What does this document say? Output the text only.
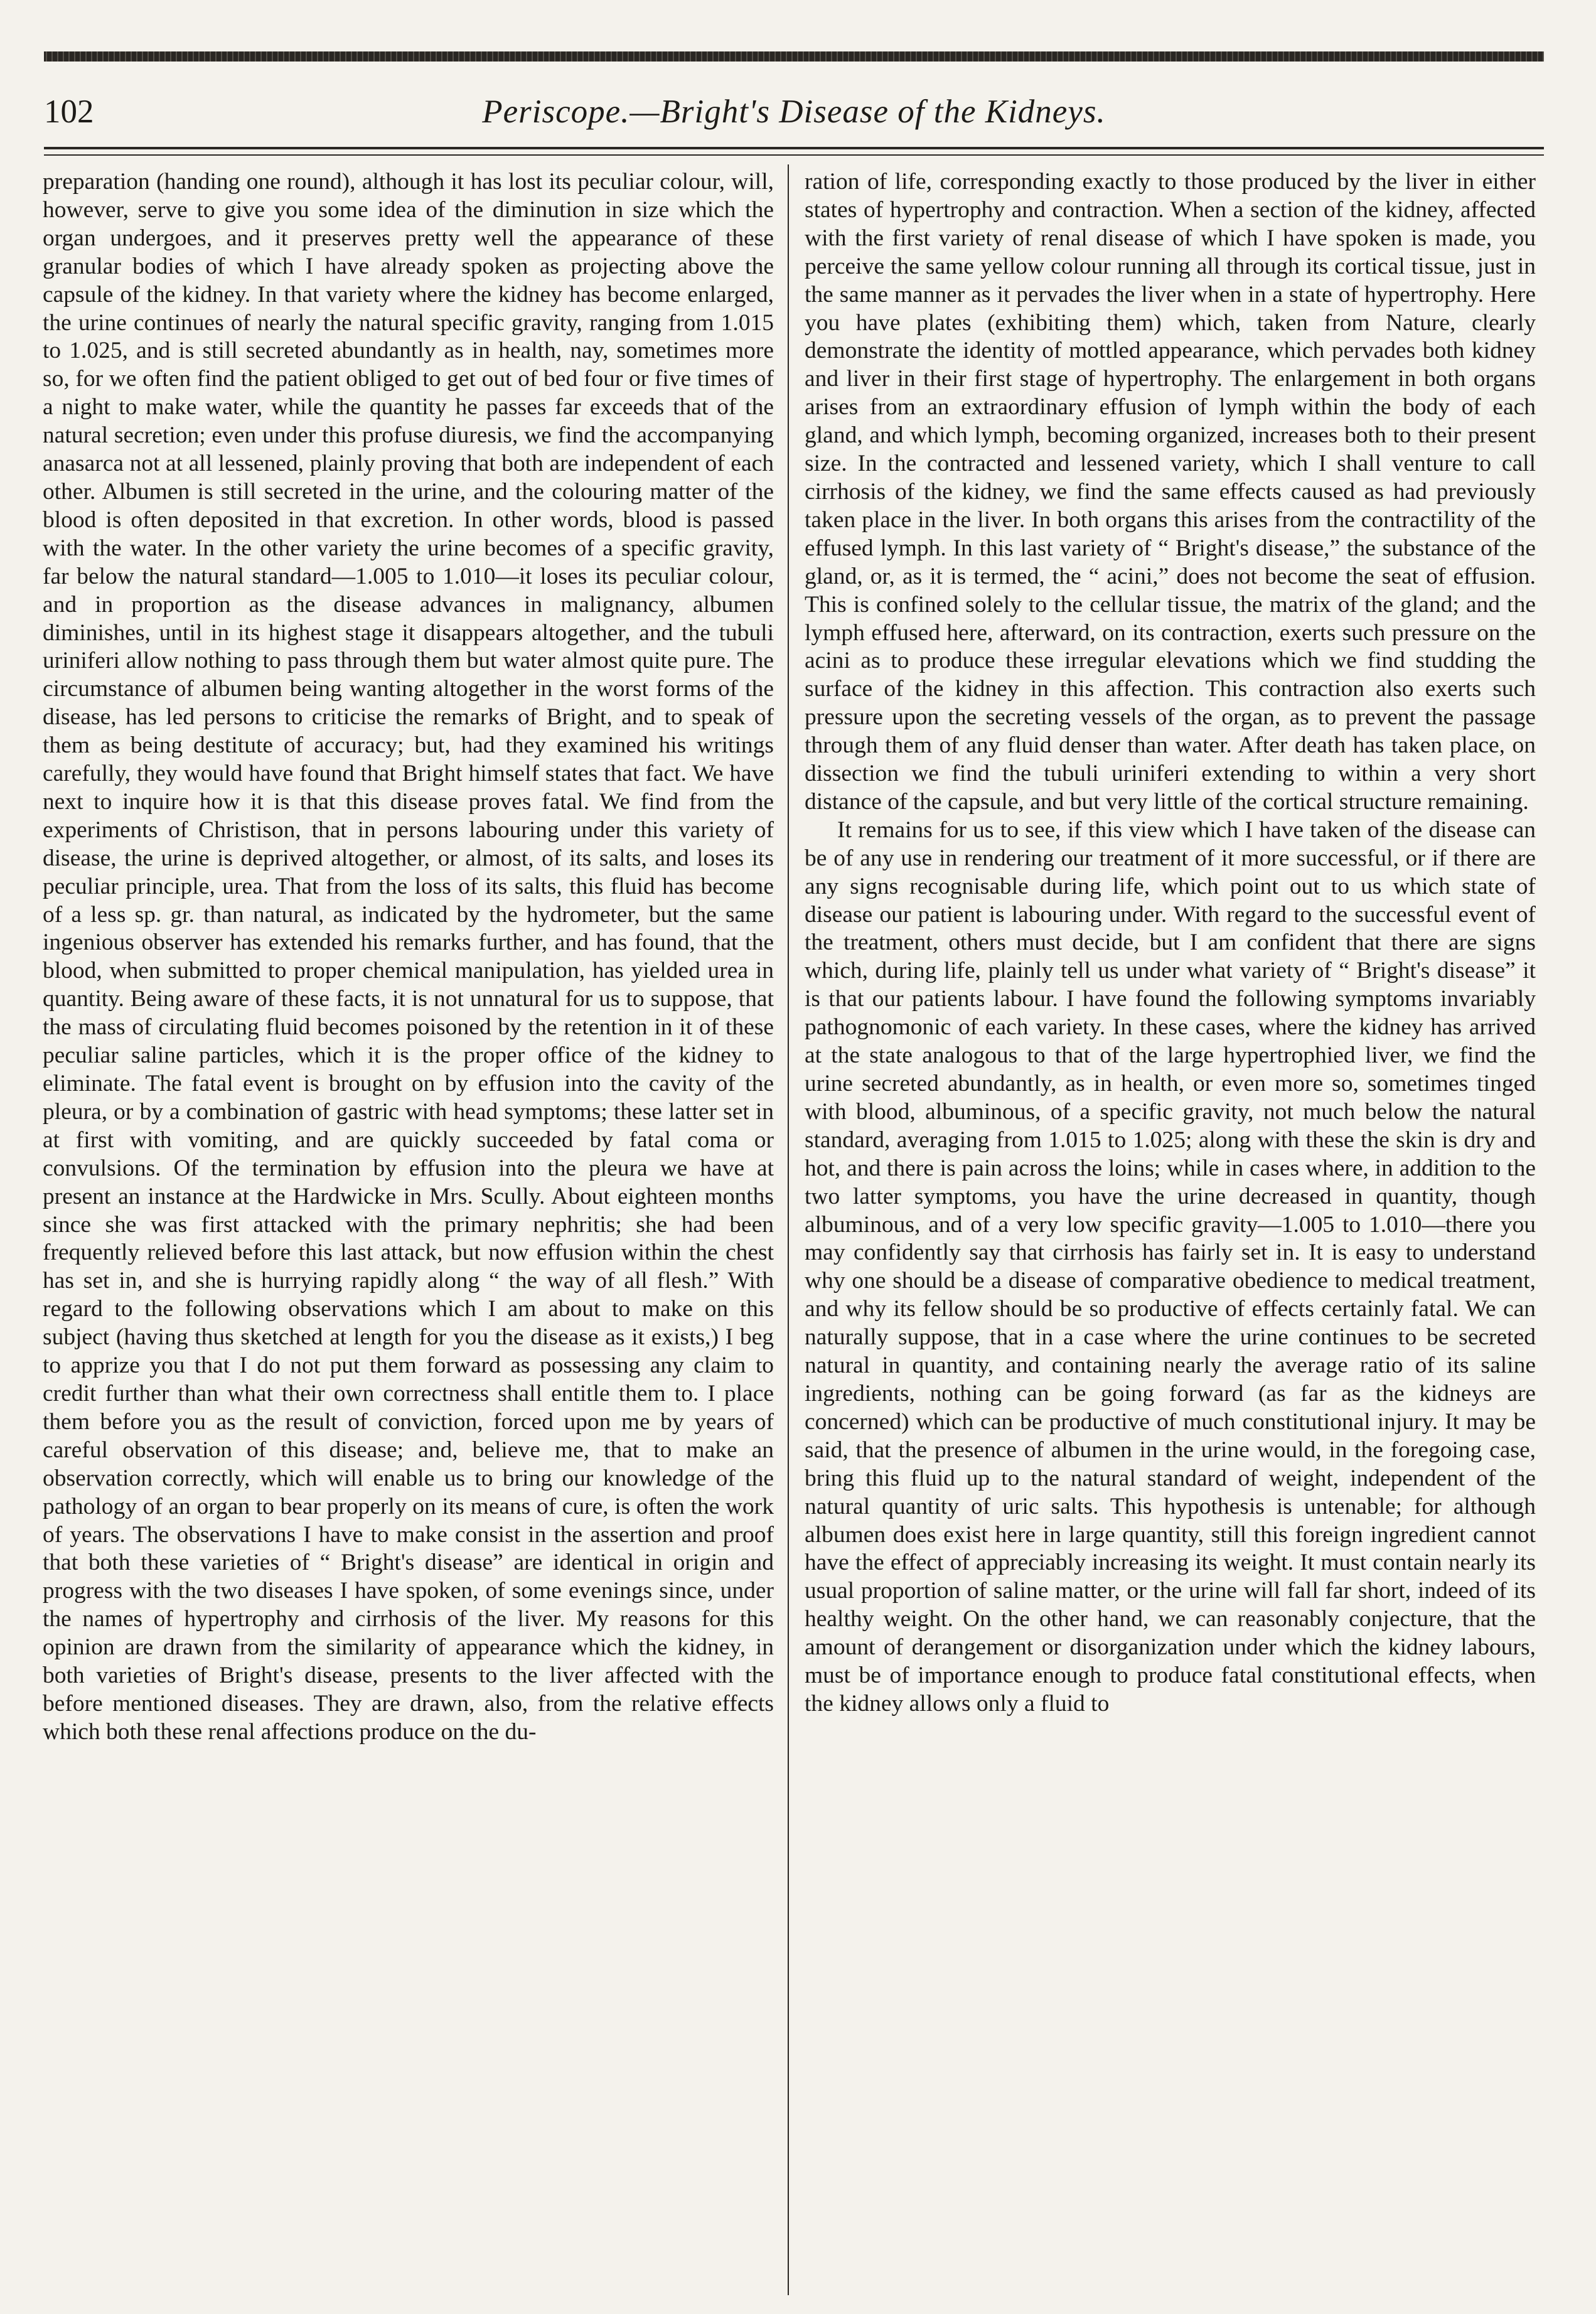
102	Periscope.—Bright's Disease of the Kidneys.

preparation (handing one round), although it has lost its peculiar colour, will, however, serve to give you some idea of the diminution in size which the organ undergoes, and it preserves pretty well the appearance of these granular bodies of which I have already spoken as projecting above the capsule of the kidney. In that variety where the kidney has become enlarged, the urine continues of nearly the natural specific gravity, ranging from 1.015 to 1.025, and is still secreted abundantly as in health, nay, sometimes more so, for we often find the patient obliged to get out of bed four or five times of a night to make water, while the quantity he passes far exceeds that of the natural secretion; even under this profuse diuresis, we find the accompanying anasarca not at all lessened, plainly proving that both are independent of each other. Albumen is still secreted in the urine, and the colouring matter of the blood is often deposited in that excretion. In other words, blood is passed with the water. In the other variety the urine becomes of a specific gravity, far below the natural standard—1.005 to 1.010—it loses its peculiar colour, and in proportion as the disease advances in malignancy, albumen diminishes, until in its highest stage it disappears altogether, and the tubuli uriniferi allow nothing to pass through them but water almost quite pure. The circumstance of albumen being wanting altogether in the worst forms of the disease, has led persons to criticise the remarks of Bright, and to speak of them as being destitute of accuracy; but, had they examined his writings carefully, they would have found that Bright himself states that fact. We have next to inquire how it is that this disease proves fatal. We find from the experiments of Christison, that in persons labouring under this variety of disease, the urine is deprived altogether, or almost, of its salts, and loses its peculiar principle, urea. That from the loss of its salts, this fluid has become of a less sp. gr. than natural, as indicated by the hydrometer, but the same ingenious observer has extended his remarks further, and has found, that the blood, when submitted to proper chemical manipulation, has yielded urea in quantity. Being aware of these facts, it is not unnatural for us to suppose, that the mass of circulating fluid becomes poisoned by the retention in it of these peculiar saline particles, which it is the proper office of the kidney to eliminate. The fatal event is brought on by effusion into the cavity of the pleura, or by a combination of gastric with head symptoms; these latter set in at first with vomiting, and are quickly succeeded by fatal coma or convulsions. Of the termination by effusion into the pleura we have at present an instance at the Hardwicke in Mrs. Scully. About eighteen months since she was first attacked with the primary nephritis; she had been frequently relieved before this last attack, but now effusion within the chest has set in, and she is hurrying rapidly along “ the way of all flesh.” With regard to the following observations which I am about to make on this subject (having thus sketched at length for you the disease as it exists,) I beg to apprize you that I do not put them forward as possessing any claim to credit further than what their own correctness shall entitle them to. I place them before you as the result of conviction, forced upon me by years of careful observation of this disease; and, believe me, that to make an observation correctly, which will enable us to bring our knowledge of the pathology of an organ to bear properly on its means of cure, is often the work of years. The observations I have to make consist in the assertion and proof that both these varieties of “ Bright's disease” are identical in origin and progress with the two diseases I have spoken, of some evenings since, under the names of hypertrophy and cirrhosis of the liver. My reasons for this opinion are drawn from the similarity of appearance which the kidney, in both varieties of Bright's disease, presents to the liver affected with the before mentioned diseases. They are drawn, also, from the relative effects which both these renal affections produce on the du-

ration of life, corresponding exactly to those produced by the liver in either states of hypertrophy and contraction. When a section of the kidney, affected with the first variety of renal disease of which I have spoken is made, you perceive the same yellow colour running all through its cortical tissue, just in the same manner as it pervades the liver when in a state of hypertrophy. Here you have plates (exhibiting them) which, taken from Nature, clearly demonstrate the identity of mottled appearance, which pervades both kidney and liver in their first stage of hypertrophy. The enlargement in both organs arises from an extraordinary effusion of lymph within the body of each gland, and which lymph, becoming organized, increases both to their present size. In the contracted and lessened variety, which I shall venture to call cirrhosis of the kidney, we find the same effects caused as had previously taken place in the liver. In both organs this arises from the contractility of the effused lymph. In this last variety of “ Bright's disease,” the substance of the gland, or, as it is termed, the “ acini,” does not become the seat of effusion. This is confined solely to the cellular tissue, the matrix of the gland; and the lymph effused here, afterward, on its contraction, exerts such pressure on the acini as to produce these irregular elevations which we find studding the surface of the kidney in this affection. This contraction also exerts such pressure upon the secreting vessels of the organ, as to prevent the passage through them of any fluid denser than water. After death has taken place, on dissection we find the tubuli uriniferi extending to within a very short distance of the capsule, and but very little of the cortical structure remaining.

It remains for us to see, if this view which I have taken of the disease can be of any use in rendering our treatment of it more successful, or if there are any signs recognisable during life, which point out to us which state of disease our patient is labouring under. With regard to the successful event of the treatment, others must decide, but I am confident that there are signs which, during life, plainly tell us under what variety of “ Bright's disease” it is that our patients labour. I have found the following symptoms invariably pathognomonic of each variety. In these cases, where the kidney has arrived at the state analogous to that of the large hypertrophied liver, we find the urine secreted abundantly, as in health, or even more so, sometimes tinged with blood, albuminous, of a specific gravity, not much below the natural standard, averaging from 1.015 to 1.025; along with these the skin is dry and hot, and there is pain across the loins; while in cases where, in addition to the two latter symptoms, you have the urine decreased in quantity, though albuminous, and of a very low specific gravity—1.005 to 1.010—there you may confidently say that cirrhosis has fairly set in. It is easy to understand why one should be a disease of comparative obedience to medical treatment, and why its fellow should be so productive of effects certainly fatal. We can naturally suppose, that in a case where the urine continues to be secreted natural in quantity, and containing nearly the average ratio of its saline ingredients, nothing can be going forward (as far as the kidneys are concerned) which can be productive of much constitutional injury. It may be said, that the presence of albumen in the urine would, in the foregoing case, bring this fluid up to the natural standard of weight, independent of the natural quantity of uric salts. This hypothesis is untenable; for although albumen does exist here in large quantity, still this foreign ingredient cannot have the effect of appreciably increasing its weight. It must contain nearly its usual proportion of saline matter, or the urine will fall far short, indeed of its healthy weight. On the other hand, we can reasonably conjecture, that the amount of derangement or disorganization under which the kidney labours, must be of importance enough to produce fatal constitutional effects, when the kidney allows only a fluid to
